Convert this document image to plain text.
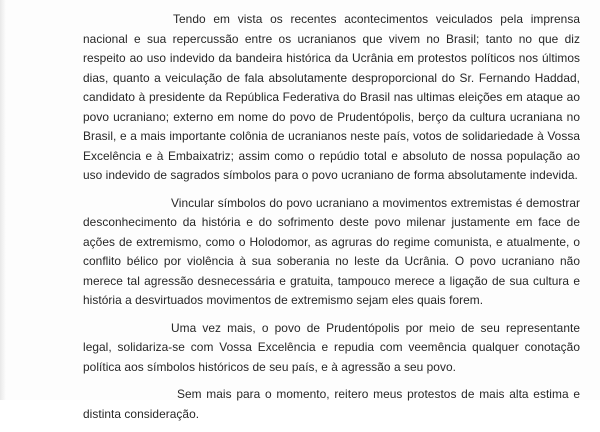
Tendo em vista os recentes acontecimentos veiculados pela imprensa nacional e sua repercussão entre os ucranianos que vivem no Brasil; tanto no que diz respeito ao uso indevido da bandeira histórica da Ucrânia em protestos políticos nos últimos dias, quanto a veiculação de fala absolutamente desproporcional do Sr. Fernando Haddad, candidato à presidente da República Federativa do Brasil nas ultimas eleições em ataque ao povo ucraniano; externo em nome do povo de Prudentópolis, berço da cultura ucraniana no Brasil, e a mais importante colônia de ucranianos neste país, votos de solidariedade à Vossa Excelência e à Embaixatriz; assim como o repúdio total e absoluto de nossa população ao uso indevido de sagrados símbolos para o povo ucraniano de forma absolutamente indevida.

Vincular símbolos do povo ucraniano a movimentos extremistas é demostrar desconhecimento da história e do sofrimento deste povo milenar justamente em face de ações de extremismo, como o Holodomor, as agruras do regime comunista, e atualmente, o conflito bélico por violência à sua soberania no leste da Ucrânia. O povo ucraniano não merece tal agressão desnecessária e gratuita, tampouco merece a ligação de sua cultura e história a desvirtuados movimentos de extremismo sejam eles quais forem.

Uma vez mais, o povo de Prudentópolis por meio de seu representante legal, solidariza-se com Vossa Excelência e repudia com veemência qualquer conotação política aos símbolos históricos de seu país, e à agressão a seu povo.

Sem mais para o momento, reitero meus protestos de mais alta estima e distinta consideração.
